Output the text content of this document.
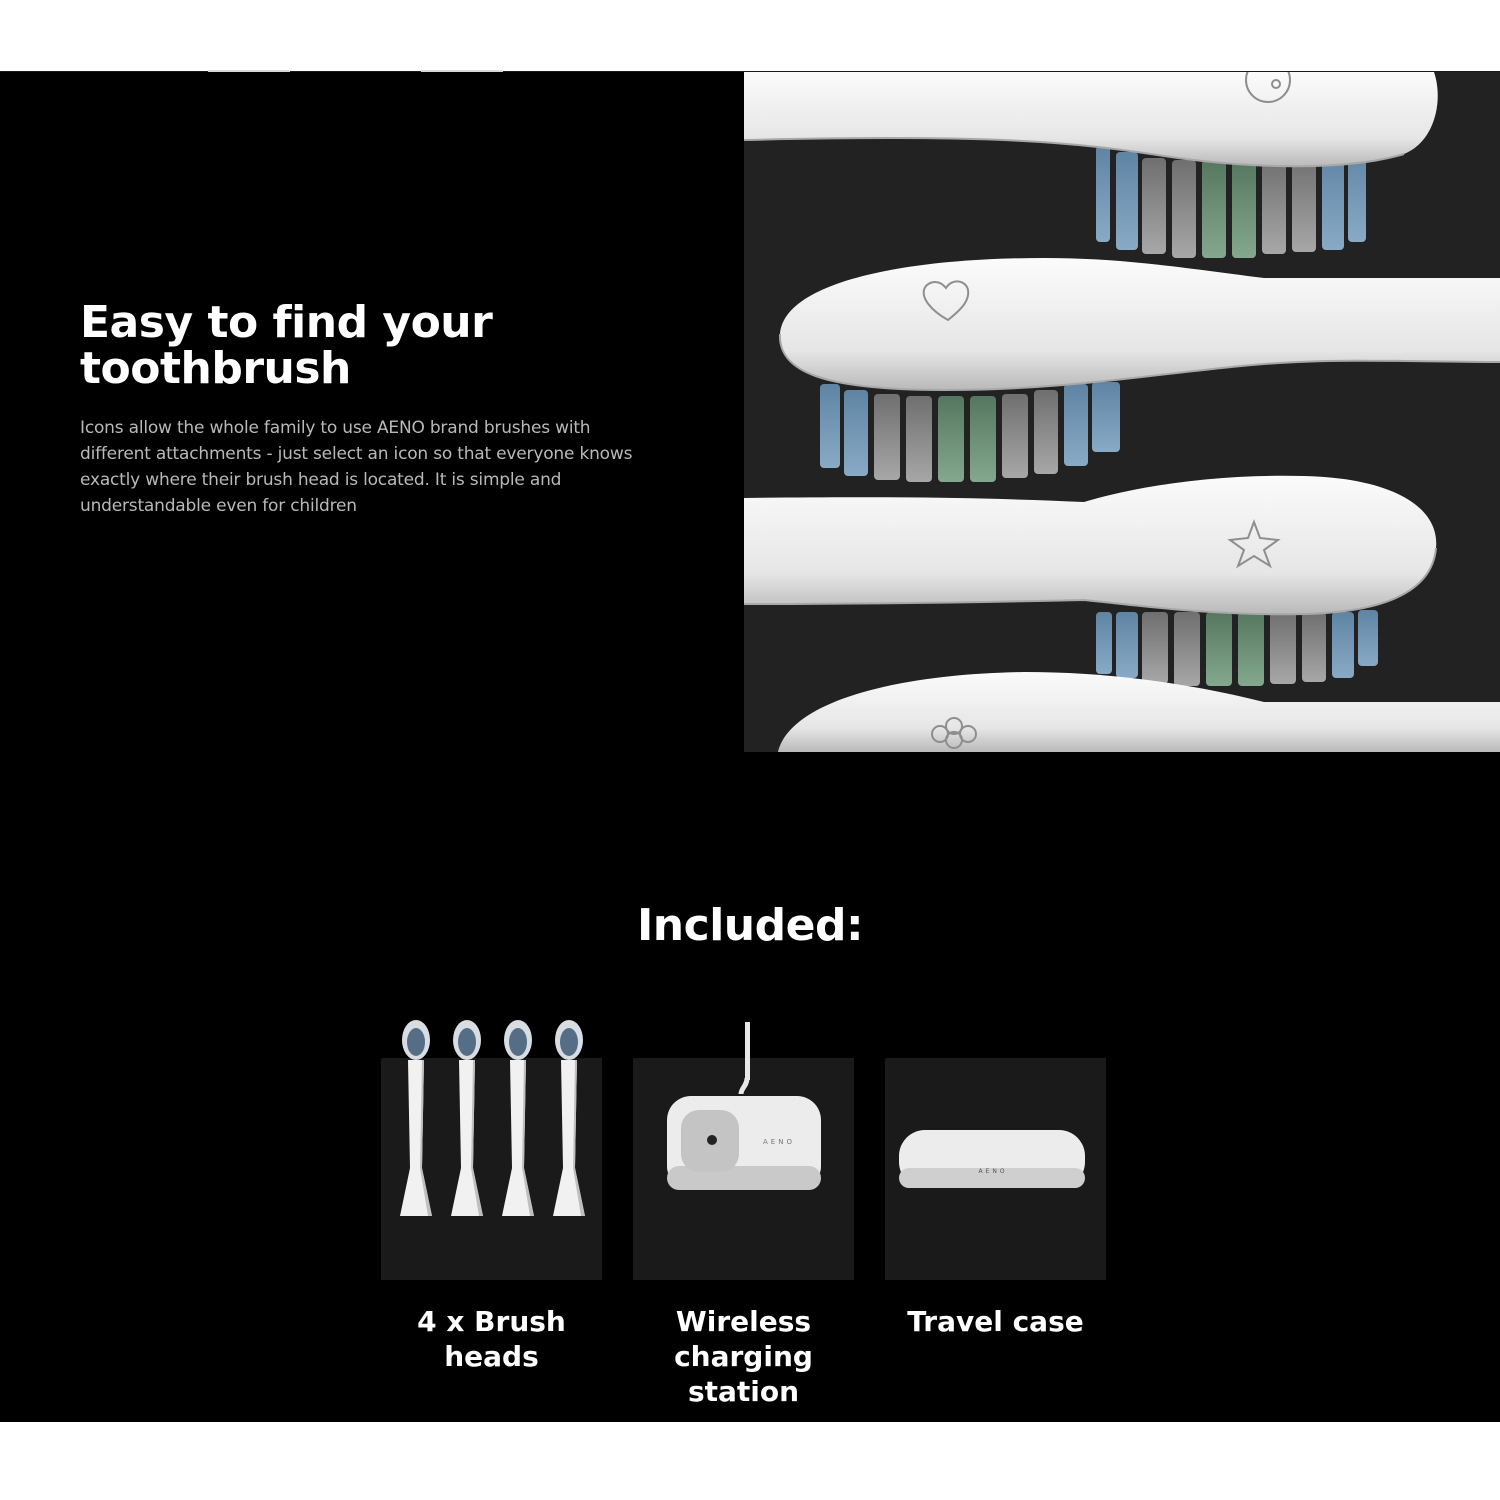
Easy to find your toothbrush

Icons allow the whole family to use AENO brand brushes with different attachments - just select an icon so that everyone knows exactly where their brush head is located. It is simple and understandable even for children

Included:

4 x Brush heads

AENO

Wireless charging station

AENO

Travel case
